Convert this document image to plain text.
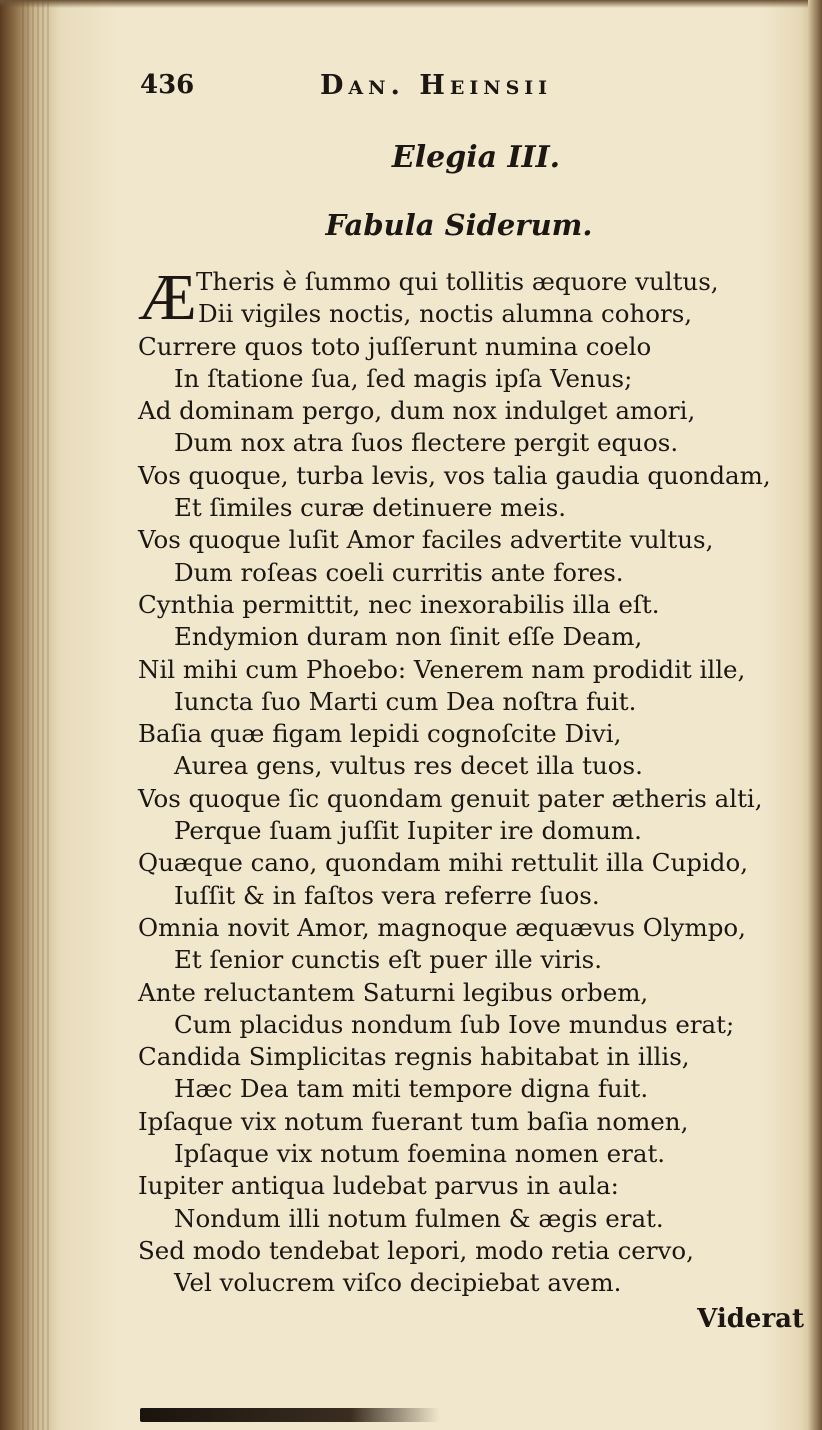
436	Dan. Heinsii
Elegia III.
Fabula Siderum.
Æ Theris è ſummo qui tollitis æquore vultus,
Dii vigiles noctis, noctis alumna cohors,
Currere quos toto juſſerunt numina coelo
In ſtatione ſua, ſed magis ipſa Venus;
Ad dominam pergo, dum nox indulget amori,
Dum nox atra ſuos flectere pergit equos.
Vos quoque, turba levis, vos talia gaudia quondam,
Et ſimiles curæ detinuere meis.
Vos quoque luſit Amor faciles advertite vultus,
Dum roſeas coeli curritis ante fores.
Cynthia permittit, nec inexorabilis illa eſt.
Endymion duram non ſinit eſſe Deam,
Nil mihi cum Phoebo: Venerem nam prodidit ille,
Iuncta ſuo Marti cum Dea noſtra fuit.
Baſia quæ figam lepidi cognoſcite Divi,
Aurea gens, vultus res decet illa tuos.
Vos quoque ſic quondam genuit pater ætheris alti,
Perque ſuam juſſit Iupiter ire domum.
Quæque cano, quondam mihi rettulit illa Cupido,
Iuſſit & in faſtos vera referre ſuos.
Omnia novit Amor, magnoque æquævus Olympo,
Et ſenior cunctis eſt puer ille viris.
Ante reluctantem Saturni legibus orbem,
Cum placidus nondum ſub Iove mundus erat;
Candida Simplicitas regnis habitabat in illis,
Hæc Dea tam miti tempore digna fuit.
Ipſaque vix notum fuerant tum baſia nomen,
Ipſaque vix notum foemina nomen erat.
Iupiter antiqua ludebat parvus in aula:
Nondum illi notum fulmen & ægis erat.
Sed modo tendebat lepori, modo retia cervo,
Vel volucrem viſco decipiebat avem.
Viderat
